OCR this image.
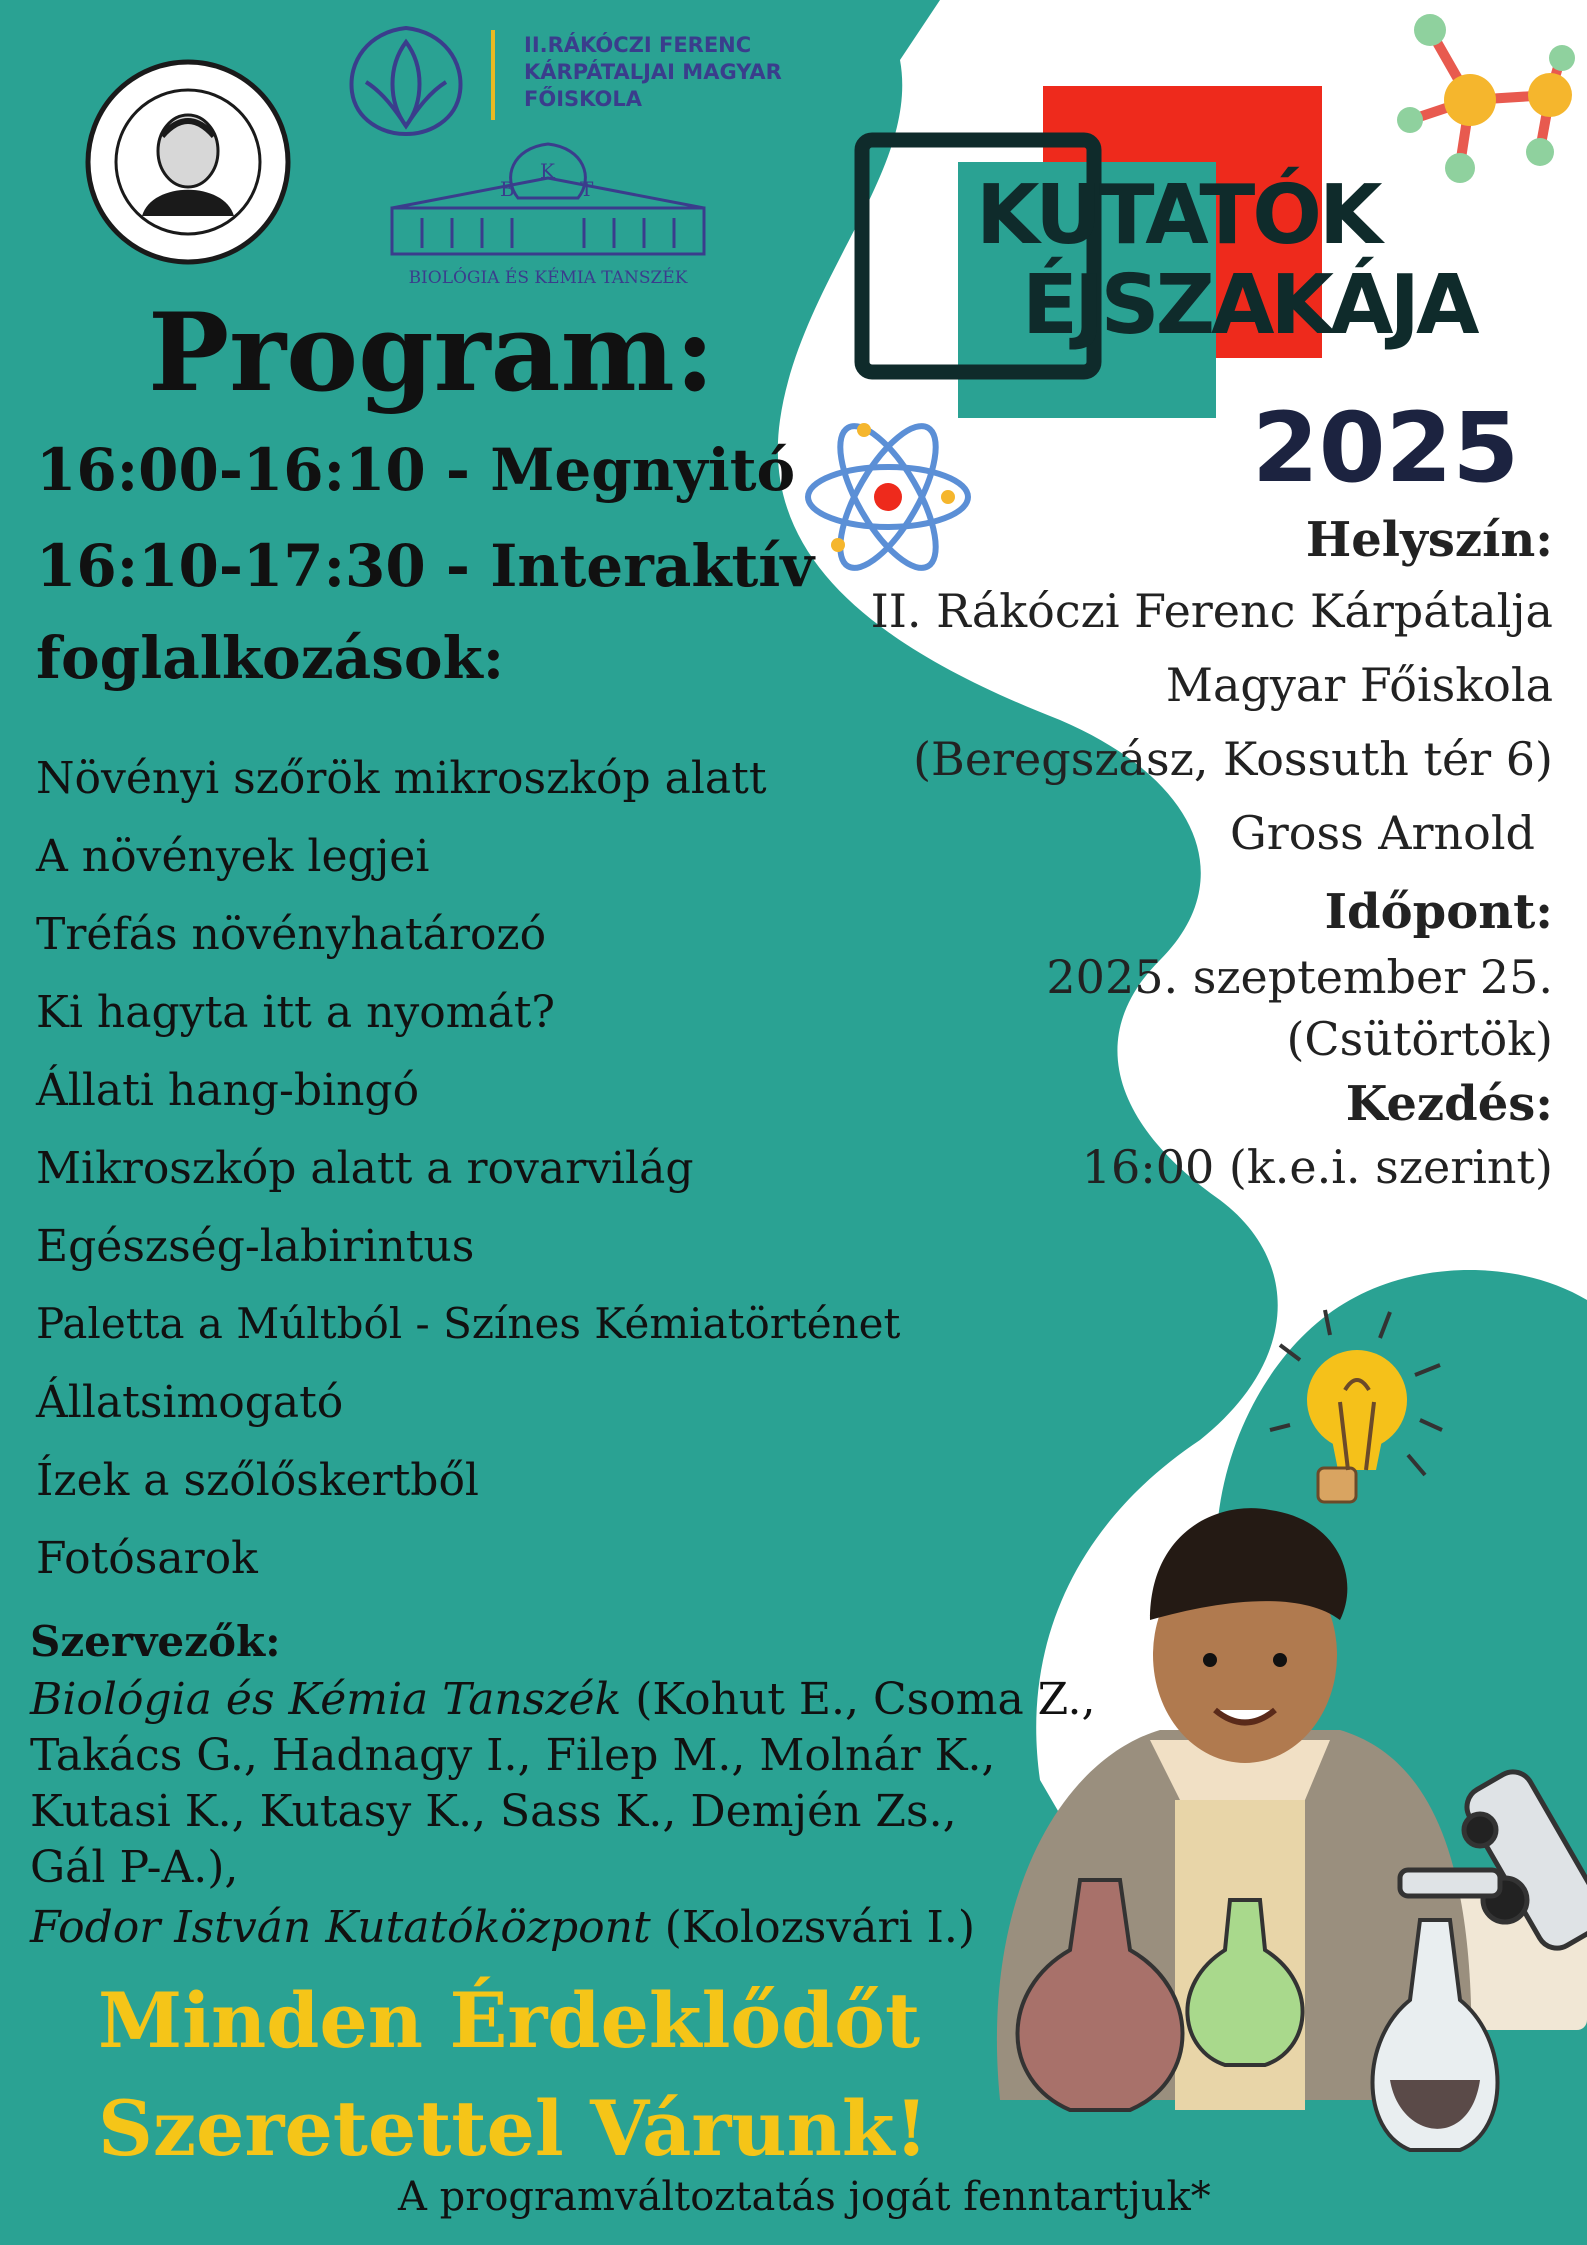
II.RÁKÓCZI FERENC
KÁRPÁTALJAI MAGYAR
FŐISKOLA
B
K
T
BIOLÓGIA ÉS KÉMIA TANSZÉK
KUTATÓK
ÉJSZAKÁJA
2025
Program:
16:00-16:10 - Megnyitó
16:10-17:30 - Interaktív
foglalkozások:
Növényi szőrök mikroszkóp alatt
A növények legjei
Tréfás növényhatározó
Ki hagyta itt a nyomát?
Állati hang-bingó
Mikroszkóp alatt a rovarvilág
Egészség-labirintus
Paletta a Múltból - Színes Kémiatörténet
Állatsimogató
Ízek a szőlőskertből
Fotósarok
Helyszín:
II. Rákóczi Ferenc Kárpátalja
Magyar Főiskola
(Beregszász, Kossuth tér 6)
Gross Arnold
Időpont:
2025. szeptember 25.
(Csütörtök)
Kezdés:
16:00 (k.e.i. szerint)
Szervezők:
Biológia és Kémia Tanszék (Kohut E., Csoma Z.,
Takács G., Hadnagy I., Filep M., Molnár K.,
Kutasi K., Kutasy K., Sass K., Demjén Zs.,
Gál P-A.),
Fodor István Kutatóközpont (Kolozsvári I.)
Minden Érdeklődőt
Szeretettel Várunk!
A programváltoztatás jogát fenntartjuk*
